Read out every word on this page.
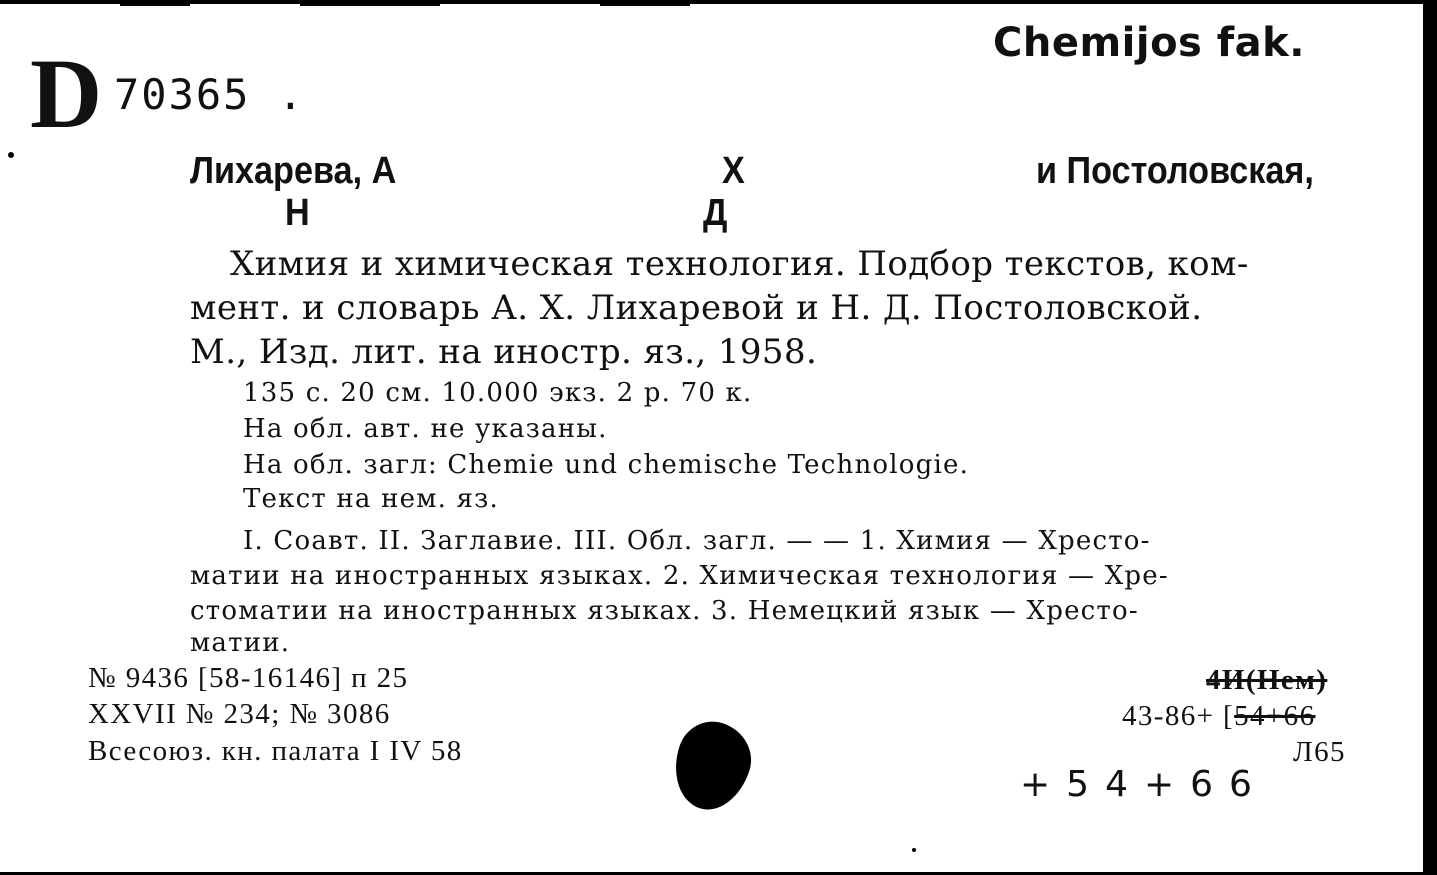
Chemijos fak.
D 70365 .
Лихарева, А
Н
Х
Д
и Постоловская,
Химия и химическая технология. Подбор текстов, ком-
мент. и словарь А. Х. Лихаревой и Н. Д. Постоловской.
М., Изд. лит. на иностр. яз., 1958.
135 с. 20 см. 10.000 экз. 2 р. 70 к.
На обл. авт. не указаны.
На обл. загл: Chemie und chemische Technologie.
Текст на нем. яз.
I. Соавт. II. Заглавие. III. Обл. загл. — — 1. Химия — Хресто-
матии на иностранных языках. 2. Химическая технология — Хре-
стоматии на иностранных языках. 3. Немецкий язык — Хресто-
матии.
№ 9436 [58-16146] п 25
XXVII № 234; № 3086
Всесоюз. кн. палата I IV 58
4И(Нем)
43-86+ [54+66
Л65
+54+66
